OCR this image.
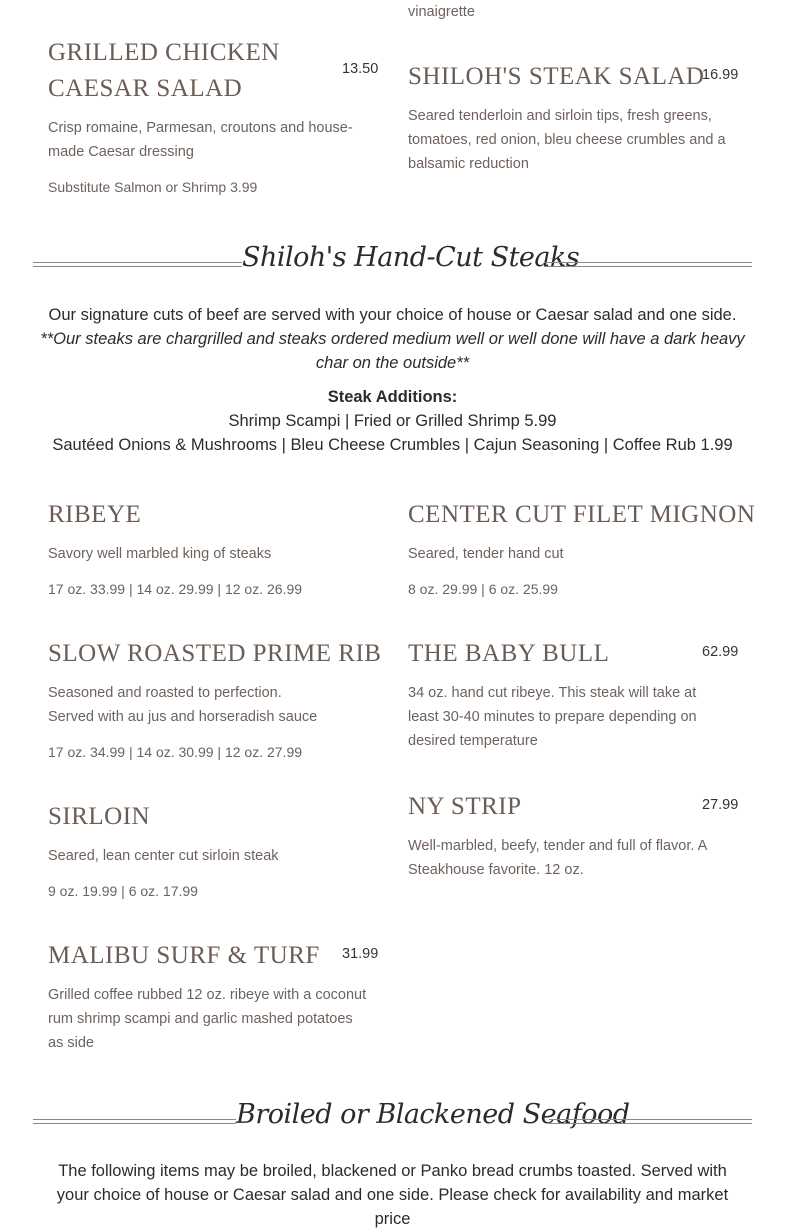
vinaigrette
GRILLED CHICKEN
CAESAR SALAD
13.50

Crisp romaine, Parmesan, croutons and house-

made Caesar dressing

Substitute Salmon or Shrimp 3.99
SHILOH'S STEAK SALAD
16.99

Seared tenderloin and sirloin tips, fresh greens,

tomatoes, red onion, bleu cheese crumbles and a

balsamic reduction

Shiloh's Hand-Cut Steaks

Our signature cuts of beef are served with your choice of house or Caesar salad and one side.

**Our steaks are chargrilled and steaks ordered medium well or well done will have a dark heavy char on the outside**

Steak Additions:

Shrimp Scampi | Fried or Grilled Shrimp 5.99

Sautéed Onions & Mushrooms | Bleu Cheese Crumbles | Cajun Seasoning | Coffee Rub 1.99

RIBEYE
Savory well marbled king of steaks
17 oz. 33.99 | 14 oz. 29.99 | 12 oz. 26.99
CENTER CUT FILET MIGNON
Seared, tender hand cut
8 oz. 29.99 | 6 oz. 25.99
SLOW ROASTED PRIME RIB

Seasoned and roasted to perfection.

Served with au jus and horseradish sauce

17 oz. 34.99 | 14 oz. 30.99 | 12 oz. 27.99
THE BABY BULL	62.99

34 oz. hand cut ribeye. This steak will take at

least 30-40 minutes to prepare depending on

desired temperature

SIRLOIN
Seared, lean center cut sirloin steak
9 oz. 19.99 | 6 oz. 17.99
NY STRIP	27.99

Well-marbled, beefy, tender and full of flavor. A

Steakhouse favorite. 12 oz.

MALIBU SURF & TURF 31.99

Grilled coffee rubbed 12 oz. ribeye with a coconut

rum shrimp scampi and garlic mashed potatoes

as side

Broiled or Blackened Seafood

The following items may be broiled, blackened or Panko bread crumbs toasted. Served with your choice of house or Caesar salad and one side. Please check for availability and market price
